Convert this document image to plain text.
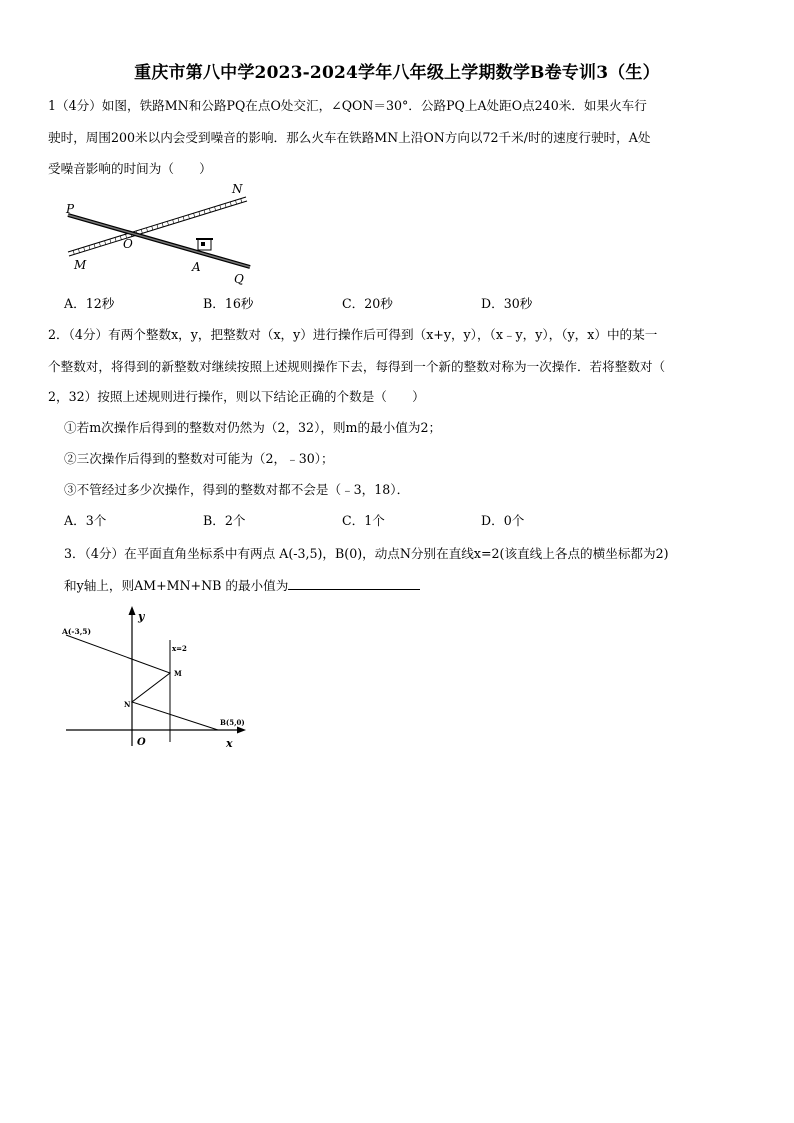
重庆市第八中学2023-2024学年八年级上学期数学B卷专训3（生）
1（4分）如图，铁路MN和公路PQ在点O处交汇，∠QON＝30°．公路PQ上A处距O点240米．如果火车行
驶时，周围200米以内会受到噪音的影响．那么火车在铁路MN上沿ON方向以72千米/时的速度行驶时，A处
受噪音影响的时间为（　　）
P
N
O
M	A
Q
A．12秒	B．16秒	C．20秒	D．30秒
2．（4分）有两个整数x，y，把整数对（x，y）进行操作后可得到（x+y，y），（x﹣y，y），（y，x）中的某一
个整数对，将得到的新整数对继续按照上述规则操作下去，每得到一个新的整数对称为一次操作．若将整数对（
2，32）按照上述规则进行操作，则以下结论正确的个数是（　　）
①若m次操作后得到的整数对仍然为（2，32），则m的最小值为2；
②三次操作后得到的整数对可能为（2，﹣30）；
③不管经过多少次操作，得到的整数对都不会是（﹣3，18）．
A．3个	B．2个	C．1个	D．0个
3．（4分）在平面直角坐标系中有两点 A(-3,5)，B(0)，动点N分别在直线x=2(该直线上各点的横坐标都为2)
和y轴上，则AM+MN+NB 的最小值为
y
A(-3,5)
x=2
M
N
B(5,0)
O	x
